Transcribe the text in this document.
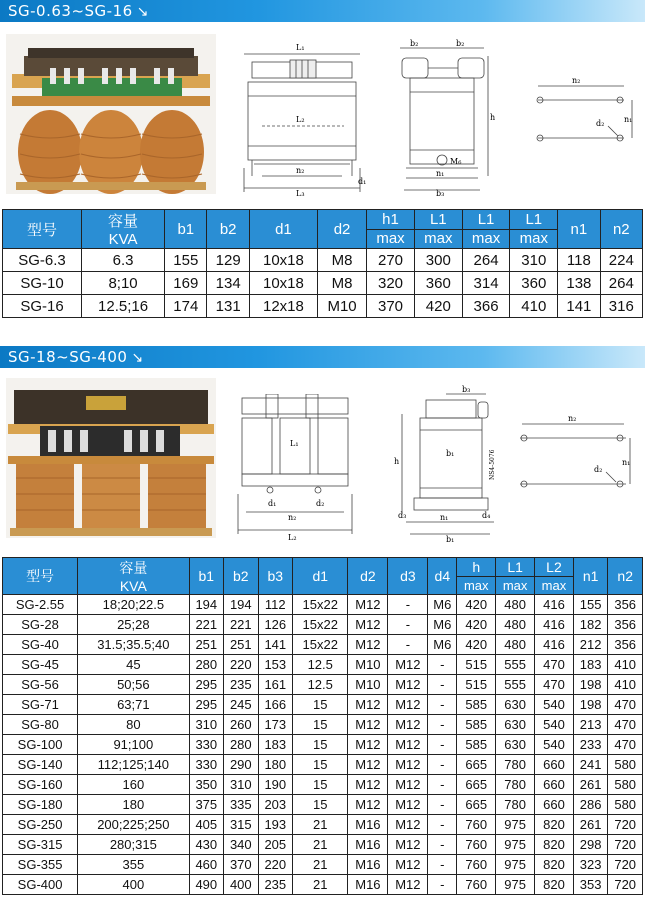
SG-0.63~SG-16 ↘
L₁
L₂
n₂
L₃
d₁
b₂	b₂
h
M₆
n₁
b₃
n₂
n₁
d₂
型号	容量
KVA	b1	b2	d1	d2	h1	L1	L1	L1	n1	n2
						max	max	max	max		
SG-6.3	6.3	155	129	10x18	M8	270	300	264	310	118	224
SG-10	8;10	169	134	10x18	M8	320	360	314	360	138	264
SG-16	12.5;16	174	131	12x18	M10	370	420	366	410	141	316
SG-18~SG-400 ↘
L₁
d₁	d₂
n₂
L₂
b₃
h
b₁
n₁
d₃	d₄
b₁
NS4-5076
n₂
n₁
d₂
型号	容量
KVA	b1	b2	b3	d1	d2	d3	d4	h	L1	L2	n1	n2
									max	max	max		
SG-2.55	18;20;22.5	194	194	112	15x22	M12	-	M6	420	480	416	155	356
SG-28	25;28	221	221	126	15x22	M12	-	M6	420	480	416	182	356
SG-40	31.5;35.5;40	251	251	141	15x22	M12	-	M6	420	480	416	212	356
SG-45	45	280	220	153	12.5	M10	M12	-	515	555	470	183	410
SG-56	50;56	295	235	161	12.5	M10	M12	-	515	555	470	198	410
SG-71	63;71	295	245	166	15	M12	M12	-	585	630	540	198	470
SG-80	80	310	260	173	15	M12	M12	-	585	630	540	213	470
SG-100	91;100	330	280	183	15	M12	M12	-	585	630	540	233	470
SG-140	112;125;140	330	290	180	15	M12	M12	-	665	780	660	241	580
SG-160	160	350	310	190	15	M12	M12	-	665	780	660	261	580
SG-180	180	375	335	203	15	M12	M12	-	665	780	660	286	580
SG-250	200;225;250	405	315	193	21	M16	M12	-	760	975	820	261	720
SG-315	280;315	430	340	205	21	M16	M12	-	760	975	820	298	720
SG-355	355	460	370	220	21	M16	M12	-	760	975	820	323	720
SG-400	400	490	400	235	21	M16	M12	-	760	975	820	353	720
